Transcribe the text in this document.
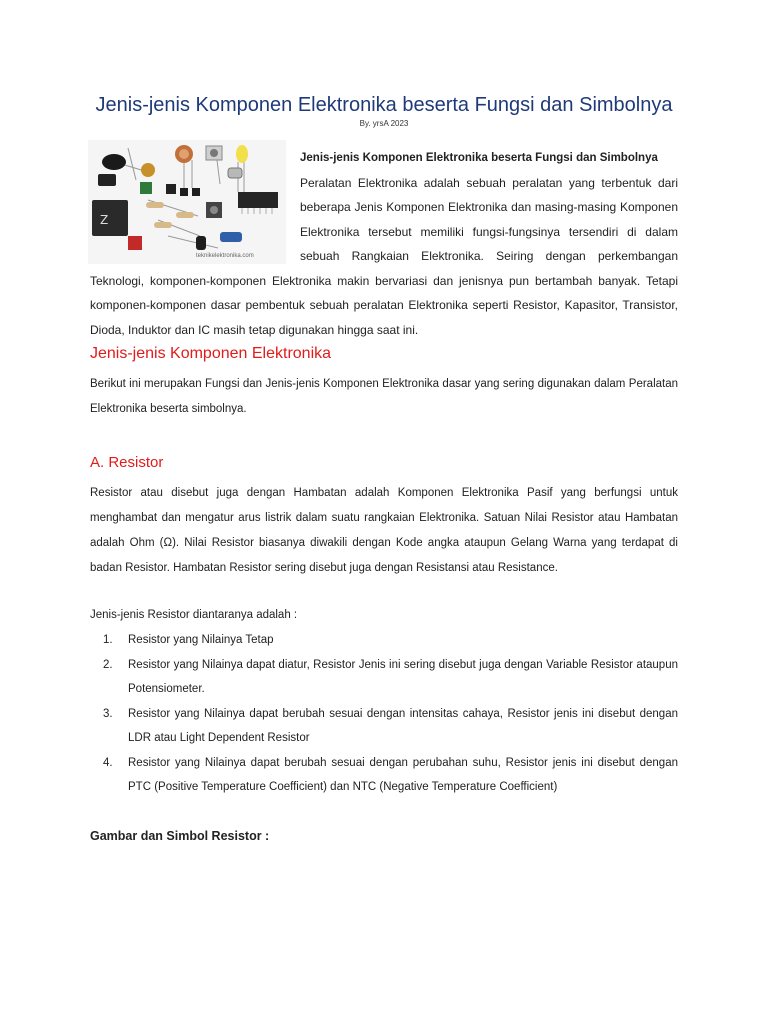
Jenis-jenis Komponen Elektronika beserta Fungsi dan Simbolnya
By. yrsA 2023
Z
teknikelektronika.com
Jenis-jenis Komponen Elektronika beserta Fungsi dan Simbolnya
Peralatan Elektronika adalah sebuah peralatan yang terbentuk dari beberapa Jenis Komponen Elektronika dan masing-masing Komponen Elektronika tersebut memiliki fungsi-fungsinya tersendiri di dalam sebuah Rangkaian Elektronika. Seiring dengan perkembangan Teknologi, komponen-komponen Elektronika makin bervariasi dan jenisnya pun bertambah banyak. Tetapi komponen-komponen dasar pembentuk sebuah peralatan Elektronika seperti Resistor, Kapasitor, Transistor, Dioda, Induktor dan IC masih tetap digunakan hingga saat ini.
Jenis-jenis Komponen Elektronika
Berikut ini merupakan Fungsi dan Jenis-jenis Komponen Elektronika dasar yang sering digunakan dalam Peralatan Elektronika beserta simbolnya.
A. Resistor
Resistor atau disebut juga dengan Hambatan adalah Komponen Elektronika Pasif yang berfungsi untuk menghambat dan mengatur arus listrik dalam suatu rangkaian Elektronika. Satuan Nilai Resistor atau Hambatan adalah Ohm (Ω). Nilai Resistor biasanya diwakili dengan Kode angka ataupun Gelang Warna yang terdapat di badan Resistor. Hambatan Resistor sering disebut juga dengan Resistansi atau Resistance.
Jenis-jenis Resistor diantaranya adalah :
1. Resistor yang Nilainya Tetap
2. Resistor yang Nilainya dapat diatur, Resistor Jenis ini sering disebut juga dengan Variable Resistor ataupun Potensiometer.
3. Resistor yang Nilainya dapat berubah sesuai dengan intensitas cahaya, Resistor jenis ini disebut dengan LDR atau Light Dependent Resistor
4. Resistor yang Nilainya dapat berubah sesuai dengan perubahan suhu, Resistor jenis ini disebut dengan PTC (Positive Temperature Coefficient) dan NTC (Negative Temperature Coefficient)
Gambar dan Simbol Resistor :
